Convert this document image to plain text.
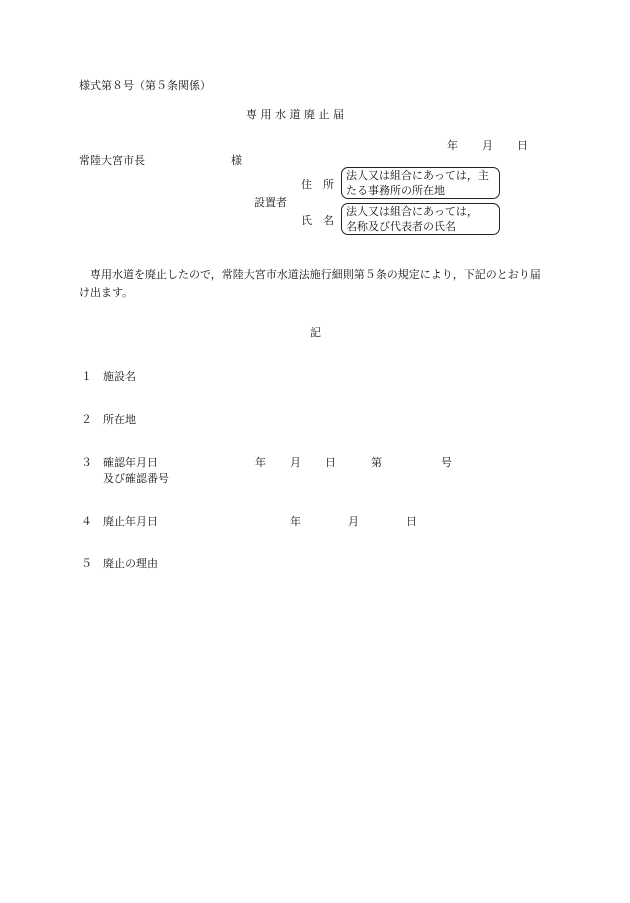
様式第８号（第５条関係）
専 用 水 道 廃 止 届
年 月 日
常陸大宮市長	様
設置者
住　所
法人又は組合にあっては，主
たる事務所の所在地
氏　名
法人又は組合にあっては，
名称及び代表者の氏名
専用水道を廃止したので，常陸大宮市水道法施行細則第５条の規定により，下記のとおり届け出ます。
記
１ 施設名
２ 所在地
３ 確認年月日
及び確認番号
年 月 日	第	号
４ 廃止年月日	年	月	日
５ 廃止の理由
